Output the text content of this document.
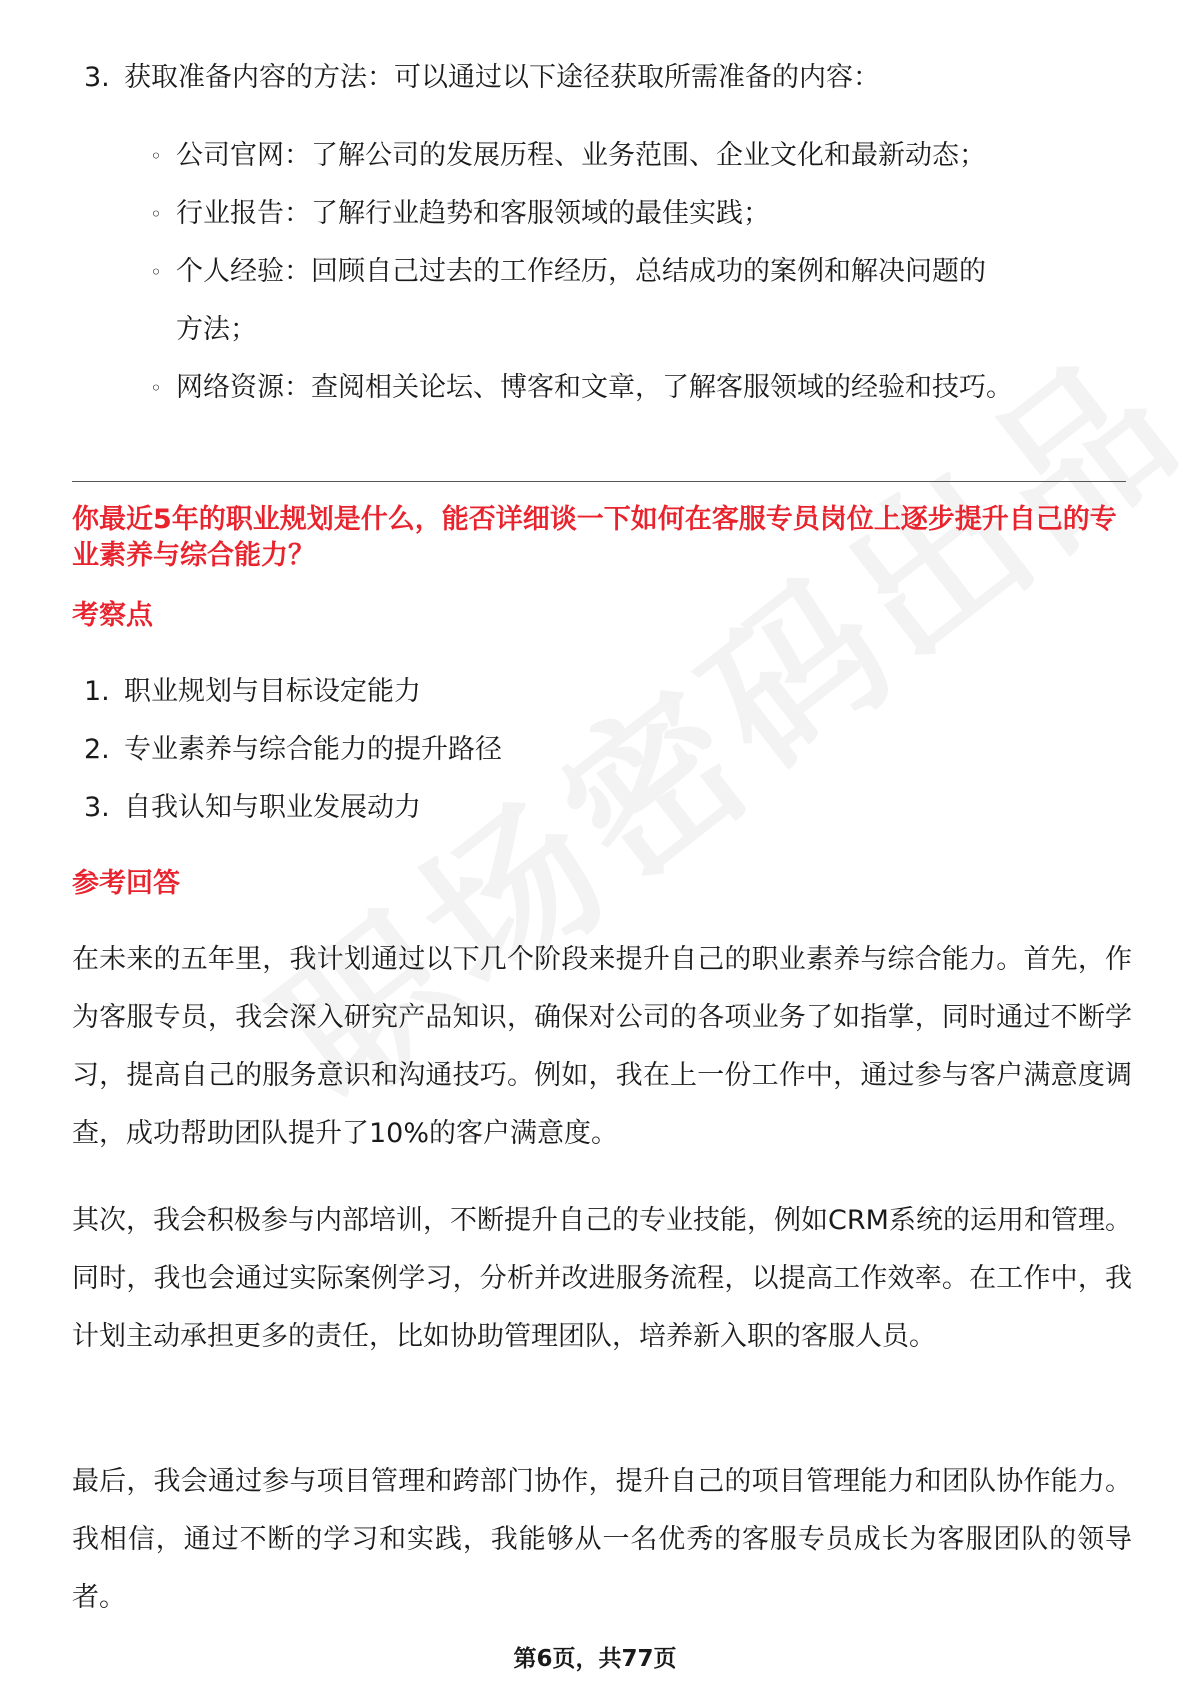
3. 获取准备内容的方法：可以通过以下途径获取所需准备的内容：
◦ 公司官网：了解公司的发展历程、业务范围、企业文化和最新动态；
◦ 行业报告：了解行业趋势和客服领域的最佳实践；
◦ 个人经验：回顾自己过去的工作经历，总结成功的案例和解决问题的方法；
◦ 网络资源：查阅相关论坛、博客和文章，了解客服领域的经验和技巧。
你最近5年的职业规划是什么，能否详细谈一下如何在客服专员岗位上逐步提升自己的专业素养与综合能力？
考察点
1. 职业规划与目标设定能力
2. 专业素养与综合能力的提升路径
3. 自我认知与职业发展动力
参考回答
在未来的五年里，我计划通过以下几个阶段来提升自己的职业素养与综合能力。首先，作为客服专员，我会深入研究产品知识，确保对公司的各项业务了如指掌，同时通过不断学习，提高自己的服务意识和沟通技巧。例如，我在上一份工作中，通过参与客户满意度调查，成功帮助团队提升了10%的客户满意度。
其次，我会积极参与内部培训，不断提升自己的专业技能，例如CRM系统的运用和管理。同时，我也会通过实际案例学习，分析并改进服务流程，以提高工作效率。在工作中，我计划主动承担更多的责任，比如协助管理团队，培养新入职的客服人员。
最后，我会通过参与项目管理和跨部门协作，提升自己的项目管理能力和团队协作能力。我相信，通过不断的学习和实践，我能够从一名优秀的客服专员成长为客服团队的领导者。
第6页，共77页
